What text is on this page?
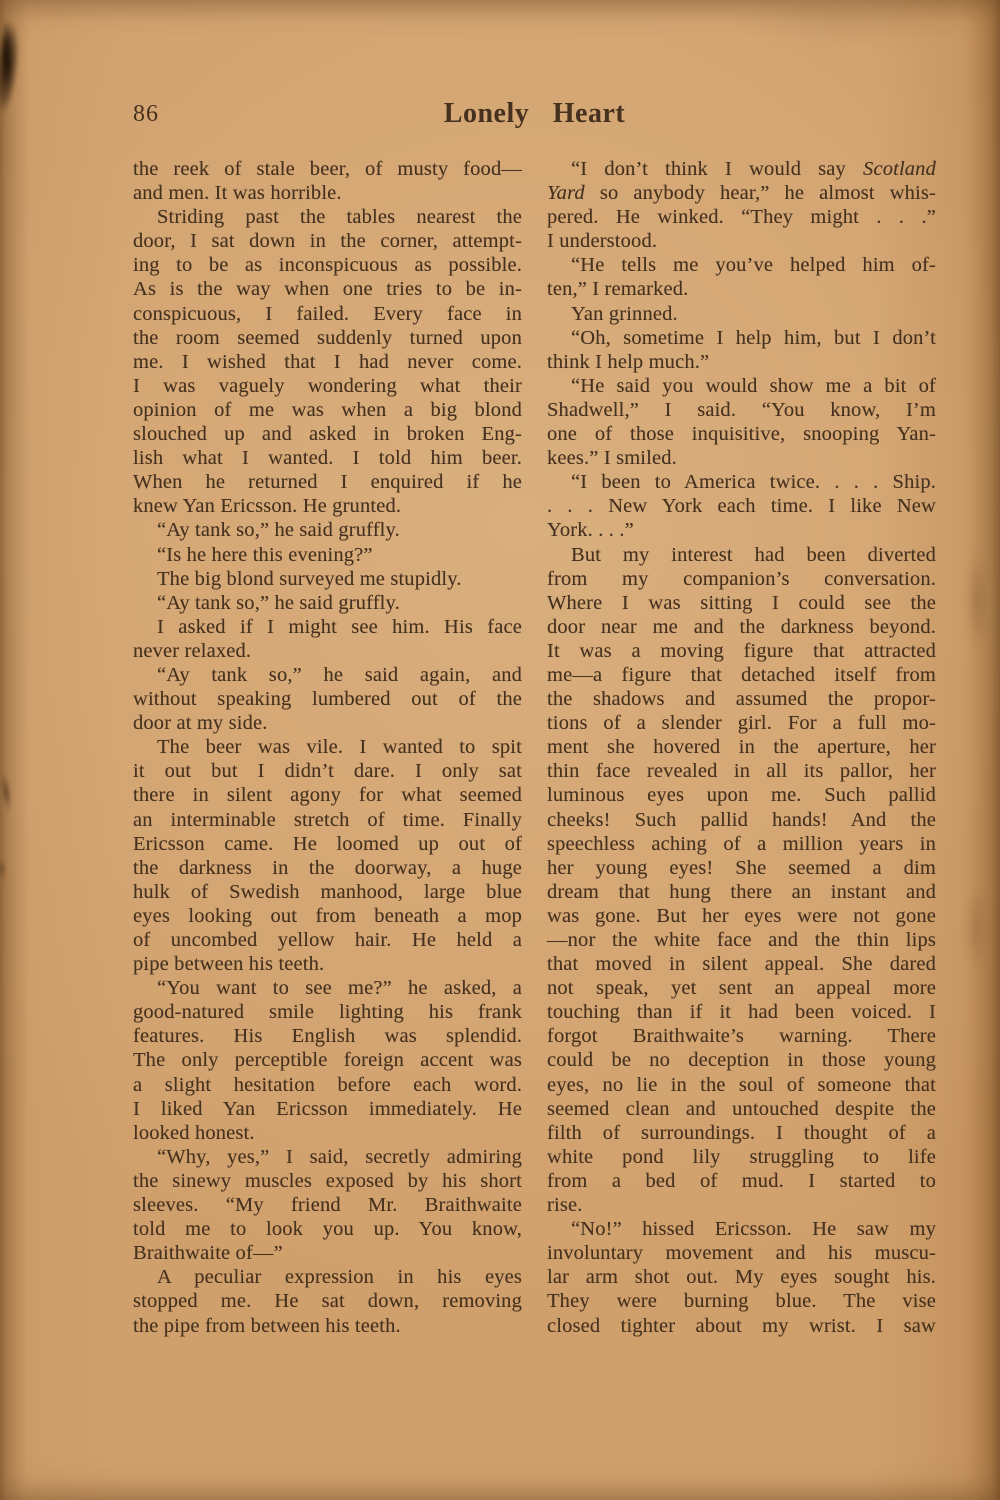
86	Lonely Heart
the reek of stale beer, of musty food—
and men. It was horrible.
Striding past the tables nearest the
door, I sat down in the corner, attempt-
ing to be as inconspicuous as possible.
As is the way when one tries to be in-
conspicuous, I failed. Every face in
the room seemed suddenly turned upon
me. I wished that I had never come.
I was vaguely wondering what their
opinion of me was when a big blond
slouched up and asked in broken Eng-
lish what I wanted. I told him beer.
When he returned I enquired if he
knew Yan Ericsson. He grunted.
“Ay tank so,” he said gruffly.
“Is he here this evening?”
The big blond surveyed me stupidly.
“Ay tank so,” he said gruffly.
I asked if I might see him. His face
never relaxed.
“Ay tank so,” he said again, and
without speaking lumbered out of the
door at my side.
The beer was vile. I wanted to spit
it out but I didn’t dare. I only sat
there in silent agony for what seemed
an interminable stretch of time. Finally
Ericsson came. He loomed up out of
the darkness in the doorway, a huge
hulk of Swedish manhood, large blue
eyes looking out from beneath a mop
of uncombed yellow hair. He held a
pipe between his teeth.
“You want to see me?” he asked, a
good-natured smile lighting his frank
features. His English was splendid.
The only perceptible foreign accent was
a slight hesitation before each word.
I liked Yan Ericsson immediately. He
looked honest.
“Why, yes,” I said, secretly admiring
the sinewy muscles exposed by his short
sleeves. “My friend Mr. Braithwaite
told me to look you up. You know,
Braithwaite of—”
A peculiar expression in his eyes
stopped me. He sat down, removing
the pipe from between his teeth.
“I don’t think I would say Scotland
Yard so anybody hear,” he almost whis-
pered. He winked. “They might . . .”
I understood.
“He tells me you’ve helped him of-
ten,” I remarked.
Yan grinned.
“Oh, sometime I help him, but I don’t
think I help much.”
“He said you would show me a bit of
Shadwell,” I said. “You know, I’m
one of those inquisitive, snooping Yan-
kees.” I smiled.
“I been to America twice. . . . Ship.
. . . New York each time. I like New
York. . . .”
But my interest had been diverted
from my companion’s conversation.
Where I was sitting I could see the
door near me and the darkness beyond.
It was a moving figure that attracted
me—a figure that detached itself from
the shadows and assumed the propor-
tions of a slender girl. For a full mo-
ment she hovered in the aperture, her
thin face revealed in all its pallor, her
luminous eyes upon me. Such pallid
cheeks! Such pallid hands! And the
speechless aching of a million years in
her young eyes! She seemed a dim
dream that hung there an instant and
was gone. But her eyes were not gone
—nor the white face and the thin lips
that moved in silent appeal. She dared
not speak, yet sent an appeal more
touching than if it had been voiced. I
forgot Braithwaite’s warning. There
could be no deception in those young
eyes, no lie in the soul of someone that
seemed clean and untouched despite the
filth of surroundings. I thought of a
white pond lily struggling to life
from a bed of mud. I started to
rise.
“No!” hissed Ericsson. He saw my
involuntary movement and his muscu-
lar arm shot out. My eyes sought his.
They were burning blue. The vise
closed tighter about my wrist. I saw
